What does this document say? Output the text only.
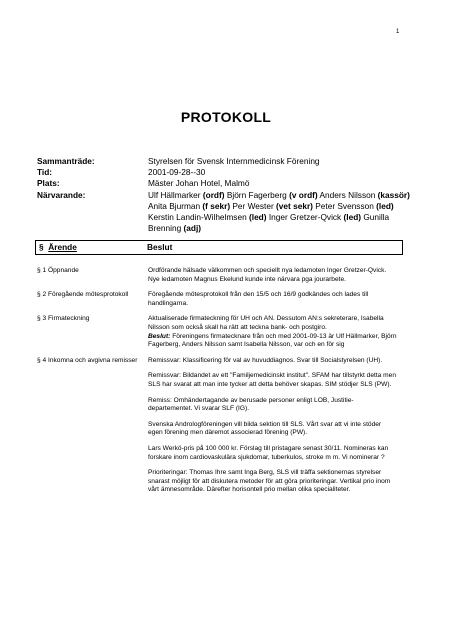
1
PROTOKOLL
Sammanträde:	Styrelsen för Svensk Internmedicinsk Förening
Tid:	2001-09-28--30
Plats:	Mäster Johan Hotel, Malmö
Närvarande:	Ulf Hällmarker (ordf) Björn Fagerberg (v ordf) Anders Nilsson (kassör) Anita Bjurman (f sekr) Per Wester (vet sekr) Peter Svensson (led) Kerstin Landin-Wilhelmsen (led) Inger Gretzer-Qvick (led) Gunilla Brenning (adj)
§ Ärende	Beslut
§ 1 Öppnande	Ordförande hälsade välkommen och speciellt nya ledamoten Inger Gretzer-Qvick. Nye ledamoten Magnus Ekelund kunde inte närvara pga jourarbete.
§ 2 Föregående mötesprotokoll	Föregående mötesprotokoll från den 15/5 och 16/9 godkändes och lades till handlingarna.
§ 3 Firmateckning	Aktualiserade firmateckning för UH och AN. Dessutom AN:s sekreterare, Isabella Nilsson som också skall ha rätt att teckna bank- och postgiro.
Beslut: Föreningens firmatecknare från och med 2001-09-13 är Ulf Hällmarker, Björn Fagerberg, Anders Nilsson samt Isabella Nilsson, var och en för sig
§ 4 Inkomna och avgivna remisser	Remissvar: Klassificering för val av huvuddiagnos. Svar till Socialstyrelsen (UH).
Remissvar: Bildandet av ett "Familjemedicinskt institut". SFAM har tillstyrkt detta men SLS har svarat att man inte tycker att detta behöver skapas. SIM stödjer SLS (PW).
Remiss: Omhändertagande av berusade personer enligt LOB, Justitie-departementet. Vi svarar SLF (IG).
Svenska Andrologföreningen vill bilda sektion till SLS. Vårt svar att vi inte stöder egen förening men däremot associerad förening (PW).
Lars Werkö-pris på 100 000 kr. Förslag till pristagare senast 30/11. Nomineras kan forskare inom cardiovaskulära sjukdomar, tuberkulos, stroke m m. Vi nominerar ?
Prioriteringar: Thomas Ihre samt Inga Berg, SLS vill träffa sektionernas styrelser snarast möjligt för att diskutera metoder för att göra prioriteringar. Vertikal prio inom vårt ämnesområde. Därefter horisontell prio mellan olika specialiteter.
